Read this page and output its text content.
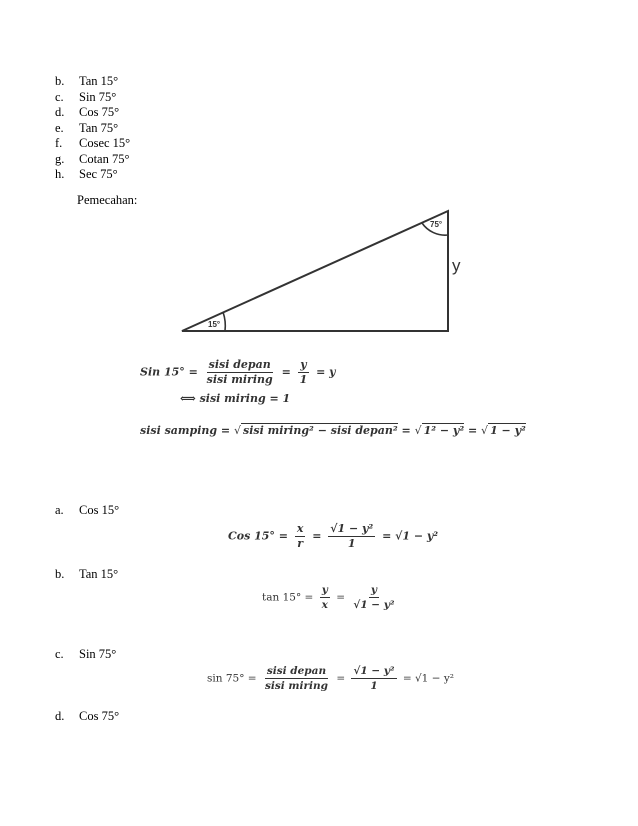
b.	Tan 15°
c.	Sin 75°
d.	Cos 75°
e.	Tan 75°
f.	Cosec 15°
g.	Cotan 75°
h.	Sec 75°
Pemecahan:
15°
75°
y
Sin $15^\circ = \frac{\text{sisi depan}}{\text{sisi miring}} = \frac{y}{1} = y$
⟺ sisi miring = 1
sisi samping = √ sisi miring² − sisi depan² = √ 1² − y² = √ 1 − y²
a. Cos 15°
Cos $15^\circ = \frac{x}{r} = \frac{\text{√1 − y²}}{1} = √1 - y^2$
b. Tan 15°
$\tan 15^\circ = \frac{y}{x} = \frac{y}{\text{√1 − y²}}$
c. Sin 75°
$\sin 75^\circ = \frac{\text{sisi depan}}{\text{sisi miring}} = \frac{\text{√1 − y²}}{1} = √1 - y^2$
d. Cos 75°
